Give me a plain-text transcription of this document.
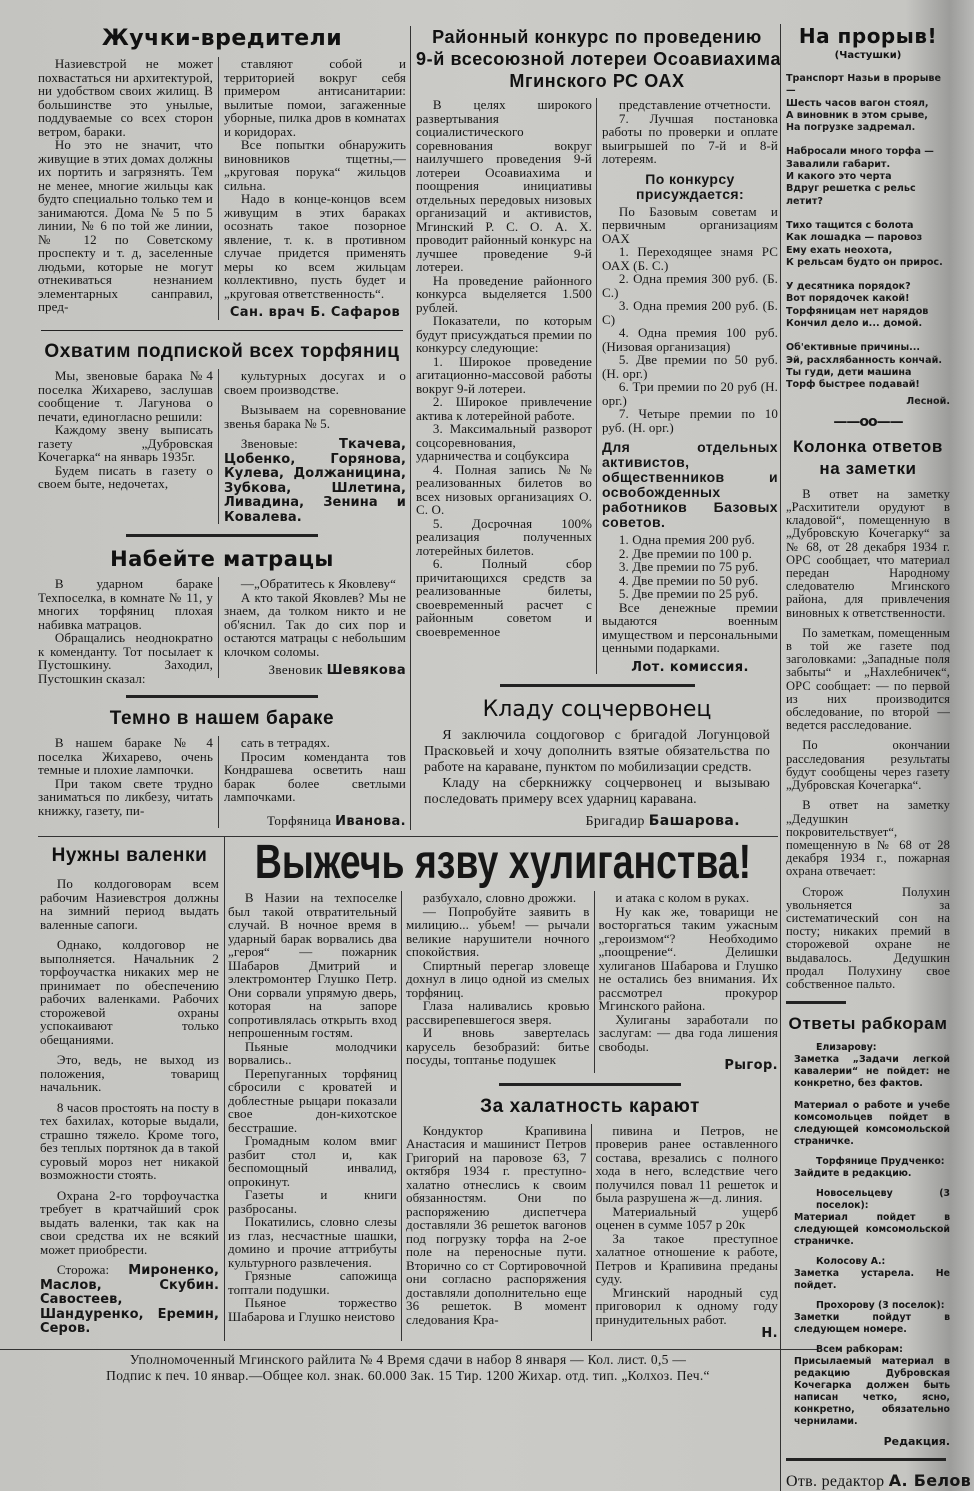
Жучки-вредители

Назиевстрой не может похвастаться ни архитектурой, ни удобством своих жилищ. В большинстве это унылые, поддуваемые со всех сторон ветром, бараки.

Но это не значит, что живущие в этих домах должны их портить и загрязнять. Тем не менее, многие жильцы как будто специально только тем и занимаются. Дома № 5 по 5 линии, № 6 по той же линии, № 12 по Советскому проспекту и т. д, заселенные людьми, которые не могут отнекиваться незнанием элементарных санправил, пред-

ставляют собой и территорией вокруг себя примером антисанитарии: вылитые помои, загаженные уборные, пилка дров в комнатах и коридорах.

Все попытки обнаружить виновников тщетны,—„круговая порука“ жильцов сильна.

Надо в конце-концов всем живущим в этих бараках осознать такое позорное явление, т. к. в противном случае придется применять меры ко всем жильцам коллективно, пусть будет и „круговая ответственность“.

Сан. врач Б. Сафаров
Охватим подпиской всех торфяниц

Мы, звеновые барака №4 поселка Жихарево, заслушав сообщение т. Лагунова о печати, единогласно решили:

Каждому звену выписать газету „Дубровская Кочегарка“ на январь 1935г.

Будем писать в газету о своем быте, недочетах,

культурных досугах и о своем производстве.

Вызываем на соревнование звенья барака № 5.

Звеновые:	Ткачева, Цобенко, Горянова, Кулева, Должаницина, Зубкова, Шлетина, Ливадина, Зенина и Ковалева.

Набейте матрацы

В ударном бараке Техпоселка, в комнате № 11, у многих торфяниц плохая набивка матрацов.

Обращались неоднократно к коменданту. Тот посылает к Пустошкину. Заходил, Пустошкин сказал:

—„Обратитесь к Яковлеву“

А кто такой Яковлев? Мы не знаем, да толком никто и не об'яснил. Так до сих пор и остаются матрацы с небольшим клочком соломы.

Звеновик Шевякова
Темно в нашем бараке

В нашем бараке № 4 поселка Жихарево, очень темные и плохие лампочки.

При таком свете трудно заниматься по ликбезу, читать книжку, газету, пи-

сать в тетрадях.

Просим коменданта тов Кондрашева осветить наш барак более светлыми лампочками.

Торфяница Иванова.
Районный конкурс по проведению
9-й всесоюзной лотереи Осоавиахима
Мгинского РС ОАХ

В целях широкого развертывания социалистического соревнования вокруг наилучшего проведения 9-й лотереи Осоавиахима и поощрения инициативы отдельных передовых низовых организаций и активистов, Мгинский Р. С. О. А. Х. проводит районный конкурс на лучшее проведение 9-й лотереи.

На проведение районного конкурса выделяется 1.500 рублей.

Показатели, по которым будут присуждаться премии по конкурсу следующие:

1. Широкое проведение агитационно-массовой работы вокруг 9-й лотереи.

2. Широкое привлечение актива к лотерейной работе.

3. Максимальный разворот соцсоревнования, ударничества и соцбуксира

4. Полная запись №№ реализованных билетов во всех низовых организациях О. С. О.

5. Досрочная 100% реализация полученных лотерейных билетов.

6. Полный сбор причитающихся средств за реализованные билеты, своевременный расчет с районным советом и своевременное

представление отчетности.

7. Лучшая постановка работы по проверки и оплате выигрышей по 7-й и 8-й лотереям.

По конкурсу присуждается:

По Базовым советам и первичным организациям ОАХ

1. Переходящее знамя РС ОАХ (Б. С.)

2. Одна премия 300 руб. (Б. С.)

3. Одна премия 200 руб. (Б. С)

4. Одна премия 100 руб. (Низовая организация)

5. Две премии по 50 руб. (Н. орг.)

6. Три премии по 20 руб (Н. орг.)

7. Четыре премии по 10 руб. (Н. орг.)

Для отдельных активистов, общественников и освобожденных работников Базовых советов.

1. Одна премия 200 руб.

2. Две премии по 100 р.

3. Две премии по 75 руб.

4. Две премии по 50 руб.

5. Две премии по 25 руб.

Все денежные премии выдаются военным имуществом и персональными ценными подарками.

Лот. комиссия.
Кладу соцчервонец

Я заключила соцдоговор с бригадой Логунцовой Прасковьей и хочу дополнить взятые обязательства по работе на караване, пунктом по мобилизации средств.

Кладу на сберкнижку соцчервонец и вызываю последовать примеру всех ударниц каравана.

Бригадир Башарова.
Нужны валенки

По колдоговорам всем рабочим Назиевстроя должны на зимний период выдать валенные сапоги.

Однако, колдоговор не выполняется. Начальник 2 торфоучастка никаких мер не принимает по обеспечению рабочих валенками. Рабочих сторожевой охраны успокаивают только обещаниями.

Это, ведь, не выход из положения, товарищ начальник.

8 часов простоять на посту в тех бахилах, которые выдали, страшно тяжело. Кроме того, без теплых портянок да в такой суровый мороз нет никакой возможности стоять.

Охрана 2-го торфоучастка требует в кратчайший срок выдать валенки, так как на свои средства их не всякий может приобрести.

Сторожа: Мироненко, Маслов, Скубин. Савостеев, Шандуренко, Еремин, Серов.

Выжечь язву хулиганства!

В Назии на техпоселке был такой отвратительный случай. В ночное время в ударный барак ворвались два „героя“ — пожарник Шабаров Дмитрий и электромонтер Глушко Петр. Они сорвали упрямую дверь, которая на запоре сопротивлялась открыть вход непрошенным гостям.

Пьяные молодчики ворвались..

Перепуганных торфяниц сбросили с кроватей и доблестные рыцари показали свое дон-кихотское бесстрашие.

Громадным колом вмиг разбит стол и, как беспомощный инвалид, опрокинут.

Газеты и книги разбросаны.

Покатились, словно слезы из глаз, несчастные шашки, домино и прочие аттрибуты культурного развлечения.

Грязные сапожища топтали подушки.

Пьяное торжество Шабарова и Глушко неистово

разбухало, словно дрожжи.

— Попробуйте заявить в милицию... убьем! — рычали великие нарушители ночного спокойствия.

Спиртный перегар зловеще дохнул в лицо одной из смелых торфяниц.

Глаза наливались кровью рассвирепевшегося зверя.

И вновь завертелась карусель безобразий: битье посуды, топтанье подушек

и атака с колом в руках.

Ну как же, товарищи не восторгаться таким ужасным „героизмом“? Необходимо „поощрение“. Делишки хулиганов Шабарова и Глушко не остались без внимания. Их рассмотрел прокурор Мгинского района.

Хулиганы заработали по заслугам: — два года лишения свободы.

Рыгор.
За халатность карают

Кондуктор Крапивина Анастасия и машинист Петров Григорий на паровозе 63, 7 октября 1934 г. преступно-халатно отнеслись к своим обязанностям. Они по распоряжению диспетчера доставляли 36 решеток вагонов под погрузку торфа на 2-ое поле на переносные пути. Вторично со ст Сортировочной они согласно распоряжения доставляли дополнительно еще 36 решеток. В момент следования Кра-

пивина и Петров, не проверив ранее оставленного состава, врезались с полного хода в него, вследствие чего получился повал 11 решеток и была разрушена ж—д. линия.

Материальный ущерб оценен в сумме 1057 р 20к

За такое преступное халатное отношение к работе, Петров и Крапивина преданы суду.

Мгинский народный суд приговорил к одному году принудительных работ.

Н.
Уполномоченный Мгинского райлита № 4 Время сдачи в набор 8 января — Кол. лист. 0,5 —
Подпис к печ. 10 январ.—Общее кол. знак. 60.000 Зак. 15 Тир. 1200 Жихар. отд. тип. „Колхоз. Печ.“
На прорыв!
(Частушки)
Транспорт Назьи в прорыве —
Шесть часов вагон стоял,
А виновник в этом срыве,
На погрузке задремал.
Набросали много торфа —
Завалили габарит.
И какого это черта
Вдруг решетка с рельс летит?
Тихо тащится с болота
Как лошадка — паровоз
Ему ехать неохота,
К рельсам будто он прирос.
У десятника порядок?
Вот порядочек какой!
Торфяницам нет нарядов
Кончил дело и... домой.
Об'ективные причины...
Эй, расхлябанность кончай.
Ты гуди, дети машина
Торф быстрее подавай!
Лесной.
——oo——
Колонка ответов
на заметки

В ответ на заметку „Расхитители орудуют в кладовой“, помещенную в „Дубровскую Кочегарку“ за № 68, от 28 декабря 1934 г. ОРС сообщает, что материал передан Народному следователю Мгинского района, для привлечения виновных к ответственности.

По заметкам, помещенным в той же газете под заголовками: „Западные поля забыты“ и „Нахлебничек“, ОРС сообщает: — по первой из них производится обследование, по второй — ведется расследование.

По окончании расследования результаты будут сообщены через газету „Дубровская Кочегарка“.

В ответ на заметку „Дедушкин покровительствует“, помещенную в № 68 от 28 декабря 1934 г., пожарная охрана отвечает:

Сторож Полухин увольняется за систематический сон на посту; никаких премий в сторожевой охране не выдавалось. Дедушкин продал Полухину свое собственное пальто.

Ответы рабкорам
Елизарову:

Заметка „Задачи легкой кавалерии“ не пойдет: не конкретно, без фактов.

Материал о работе и учебе комсомольцев пойдет в следующей комсомольской страничке.

Торфянице Прудченко:

Зайдите в редакцию.

Новосельцеву (3 поселок):

Материал пойдет в следующей комсомольской страничке.

Колосову А.:

Заметка устарела. Не пойдет.

Прохорову (3 поселок):

Заметки пойдут в следующем номере.

Всем рабкорам:

Присылаемый материал в редакцию Дубровская Кочегарка должен быть написан четко, ясно, конкретно, обязательно чернилами.

Редакция.
Отв. редактор А. Белов
